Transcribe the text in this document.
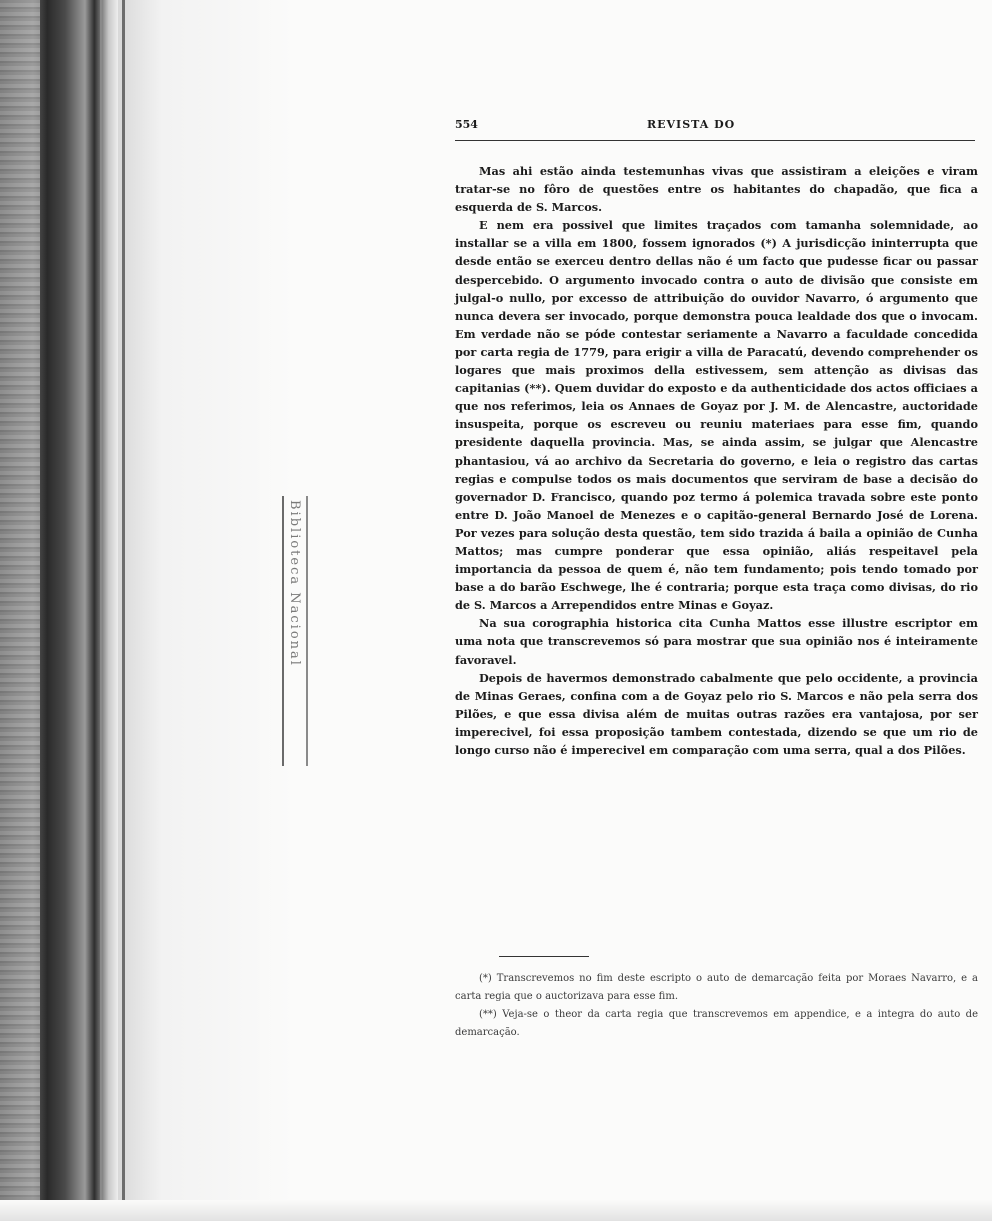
Biblioteca Nacional
554	REVISTA DO

Mas ahi estão ainda testemunhas vivas que assistiram a eleições e viram tratar-se no fôro de questões entre os habitantes do chapadão, que fica a esquerda de S. Marcos.

E nem era possivel que limites traçados com tamanha solemnidade, ao installar se a villa em 1800, fossem ignorados (*) A jurisdicção ininterrupta que desde então se exerceu dentro dellas não é um facto que pudesse ficar ou passar despercebido. O argumento invocado contra o auto de divisão que consiste em julgal-o nullo, por excesso de attribuição do ouvidor Navarro, ó argumento que nunca devera ser invocado, porque demonstra pouca lealdade dos que o invocam. Em verdade não se póde contestar seriamente a Navarro a faculdade concedida por carta regia de 1779, para erigir a villa de Paracatú, devendo comprehender os logares que mais proximos della estivessem, sem attenção as divisas das capitanias (**). Quem duvidar do exposto e da authenticidade dos actos officiaes a que nos referimos, leia os Annaes de Goyaz por J. M. de Alencastre, auctoridade insuspeita, porque os escreveu ou reuniu materiaes para esse fim, quando presidente daquella provincia. Mas, se ainda assim, se julgar que Alencastre phantasiou, vá ao archivo da Secretaria do governo, e leia o registro das cartas regias e compulse todos os mais documentos que serviram de base a decisão do governador D. Francisco, quando poz termo á polemica travada sobre este ponto entre D. João Manoel de Menezes e o capitão-general Bernardo José de Lorena. Por vezes para solução desta questão, tem sido trazida á baila a opinião de Cunha Mattos; mas cumpre ponderar que essa opinião, aliás respeitavel pela importancia da pessoa de quem é, não tem fundamento; pois tendo tomado por base a do barão Eschwege, lhe é contraria; porque esta traça como divisas, do rio de S. Marcos a Arrependidos entre Minas e Goyaz.

Na sua corographia historica cita Cunha Mattos esse illustre escriptor em uma nota que transcrevemos só para mostrar que sua opinião nos é inteiramente favoravel.

Depois de havermos demonstrado cabalmente que pelo occidente, a provincia de Minas Geraes, confina com a de Goyaz pelo rio S. Marcos e não pela serra dos Pilões, e que essa divisa além de muitas outras razões era vantajosa, por ser imperecivel, foi essa proposição tambem contestada, dizendo se que um rio de longo curso não é imperecivel em comparação com uma serra, qual a dos Pilões.

(*) Transcrevemos no fim deste escripto o auto de demarcação feita por Moraes Navarro, e a carta regia que o auctorizava para esse fim.

(**) Veja-se o theor da carta regia que transcrevemos em appendice, e a integra do auto de demarcação.
